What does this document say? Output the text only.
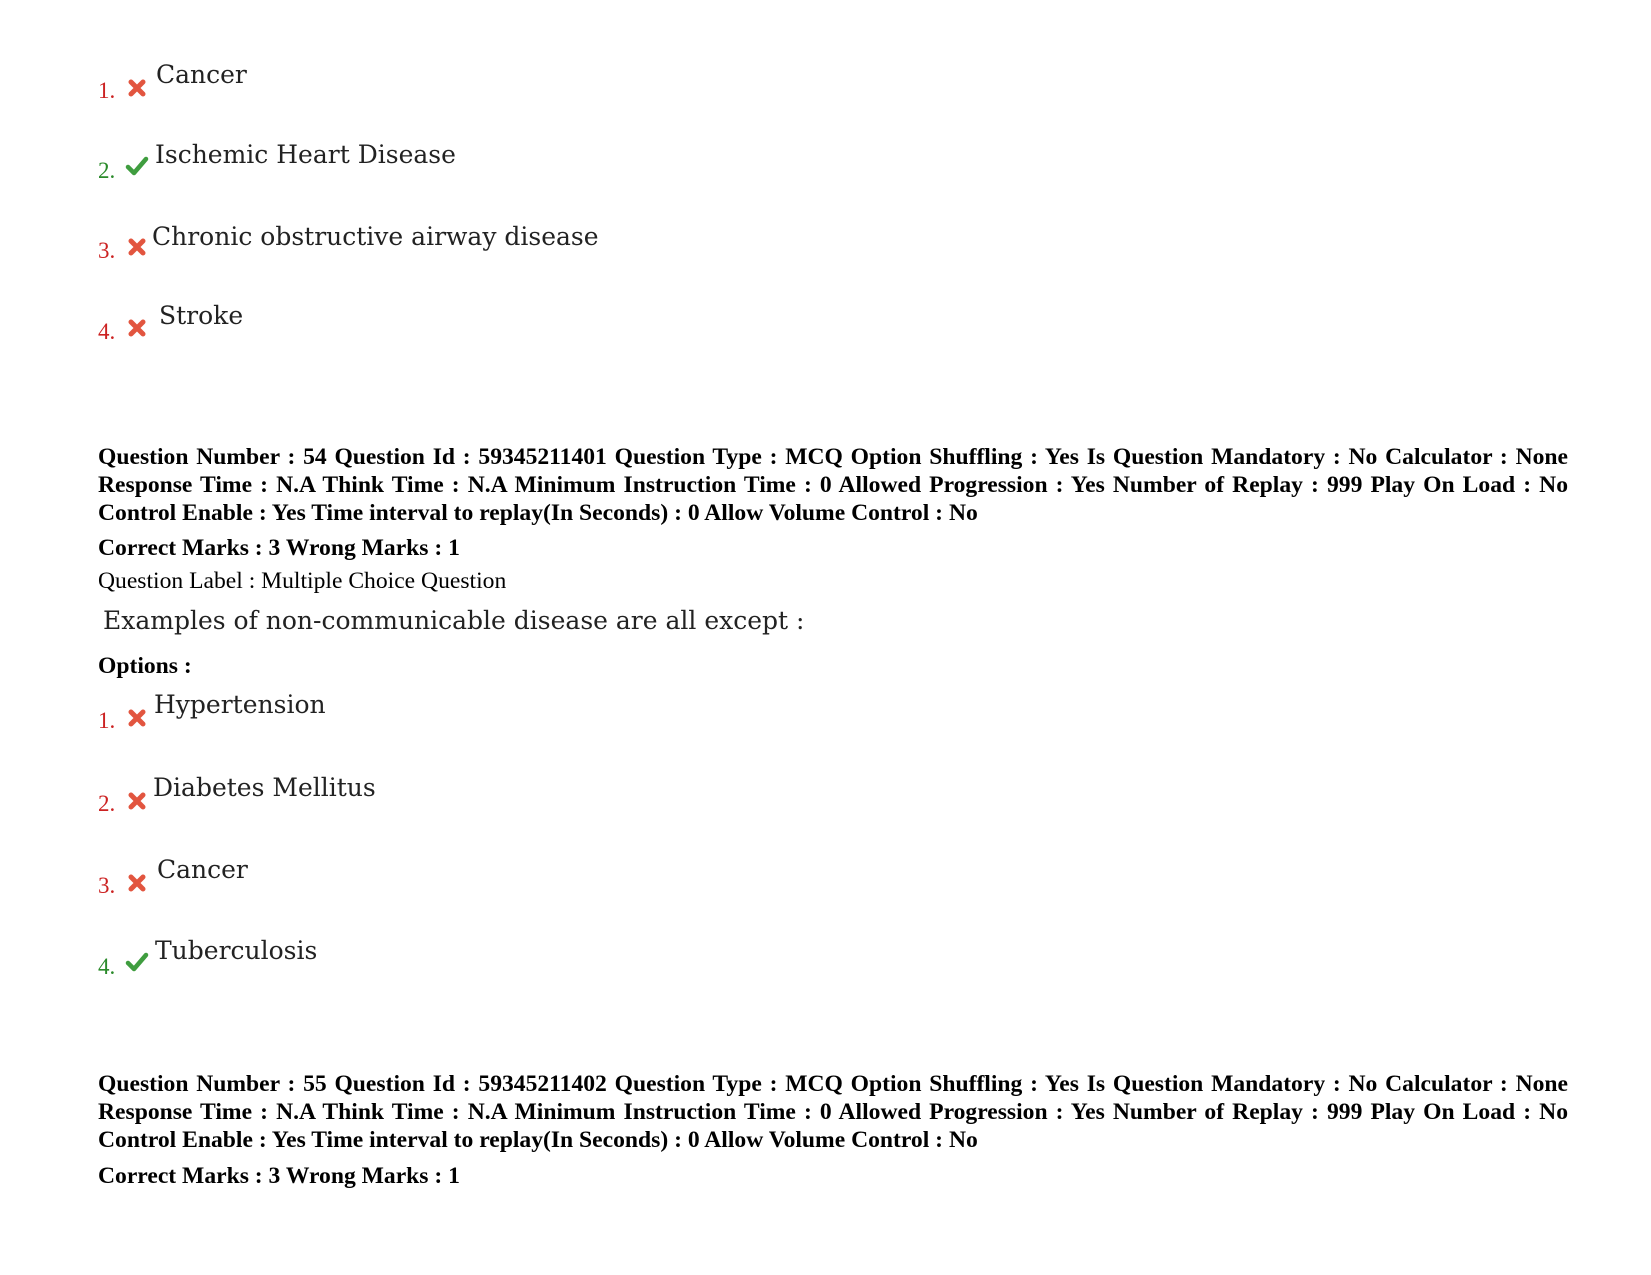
1.
Cancer
2.
Ischemic Heart Disease
3. Chronic obstructive airway disease
4.
Stroke
Question Number : 54 Question Id : 59345211401 Question Type : MCQ Option Shuffling : Yes Is Question Mandatory : No Calculator : None Response Time : N.A Think Time : N.A Minimum Instruction Time : 0 Allowed Progression : Yes Number of Replay : 999 Play On Load : No Control Enable : Yes Time interval to replay(In Seconds) : 0 Allow Volume Control : No
Correct Marks : 3 Wrong Marks : 1
Question Label : Multiple Choice Question
Examples of non-communicable disease are all except :
Options :
1.
Hypertension
2.
Diabetes Mellitus
3.
Cancer
4.
Tuberculosis
Question Number : 55 Question Id : 59345211402 Question Type : MCQ Option Shuffling : Yes Is Question Mandatory : No Calculator : None Response Time : N.A Think Time : N.A Minimum Instruction Time : 0 Allowed Progression : Yes Number of Replay : 999 Play On Load : No Control Enable : Yes Time interval to replay(In Seconds) : 0 Allow Volume Control : No
Correct Marks : 3 Wrong Marks : 1
